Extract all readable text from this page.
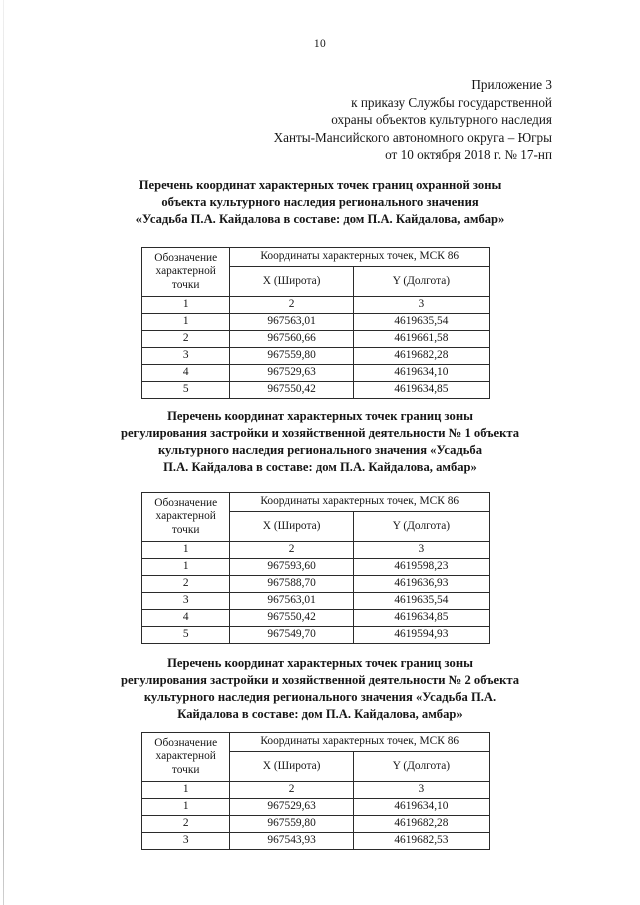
10
Приложение 3
к приказу Службы государственной
охраны объектов культурного наследия
Ханты-Мансийского автономного округа – Югры
от 10 октября 2018 г. № 17-нп
Перечень координат характерных точек границ охранной зоны
объекта культурного наследия регионального значения
«Усадьба П.А. Кайдалова в составе: дом П.А. Кайдалова, амбар»
Обозначение
характерной
точки	Координаты характерных точек, МСК 86	
	X (Широта)	Y (Долгота)
1	2	3
1	967563,01	4619635,54
2	967560,66	4619661,58
3	967559,80	4619682,28
4	967529,63	4619634,10
5	967550,42	4619634,85
Перечень координат характерных точек границ зоны
регулирования застройки и хозяйственной деятельности № 1 объекта
культурного наследия регионального значения «Усадьба
П.А. Кайдалова в составе: дом П.А. Кайдалова, амбар»
Обозначение
характерной
точки	Координаты характерных точек, МСК 86	
	X (Широта)	Y (Долгота)
1	2	3
1	967593,60	4619598,23
2	967588,70	4619636,93
3	967563,01	4619635,54
4	967550,42	4619634,85
5	967549,70	4619594,93
Перечень координат характерных точек границ зоны
регулирования застройки и хозяйственной деятельности № 2 объекта
культурного наследия регионального значения «Усадьба П.А.
Кайдалова в составе: дом П.А. Кайдалова, амбар»
Обозначение
характерной
точки	Координаты характерных точек, МСК 86	
	X (Широта)	Y (Долгота)
1	2	3
1	967529,63	4619634,10
2	967559,80	4619682,28
3	967543,93	4619682,53
